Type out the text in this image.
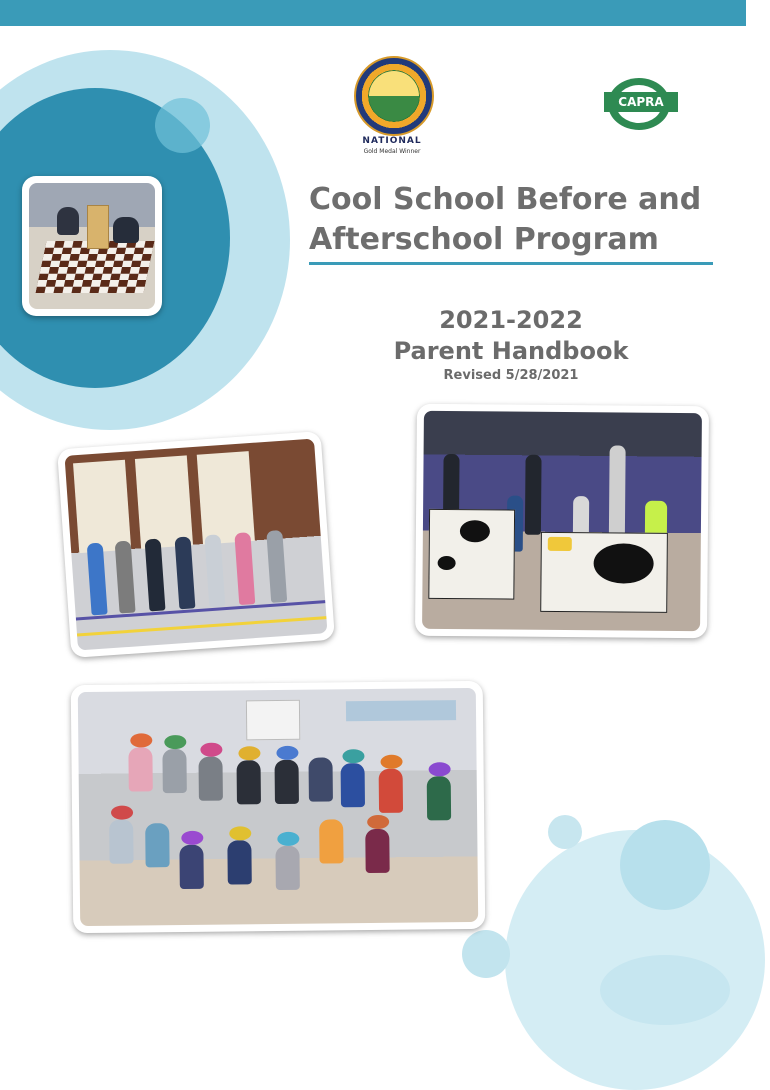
NATIONAL
Gold Medal Winner
CAPRA
Cool School Before and
Afterschool Program
2021-2022
Parent Handbook
Revised 5/28/2021
